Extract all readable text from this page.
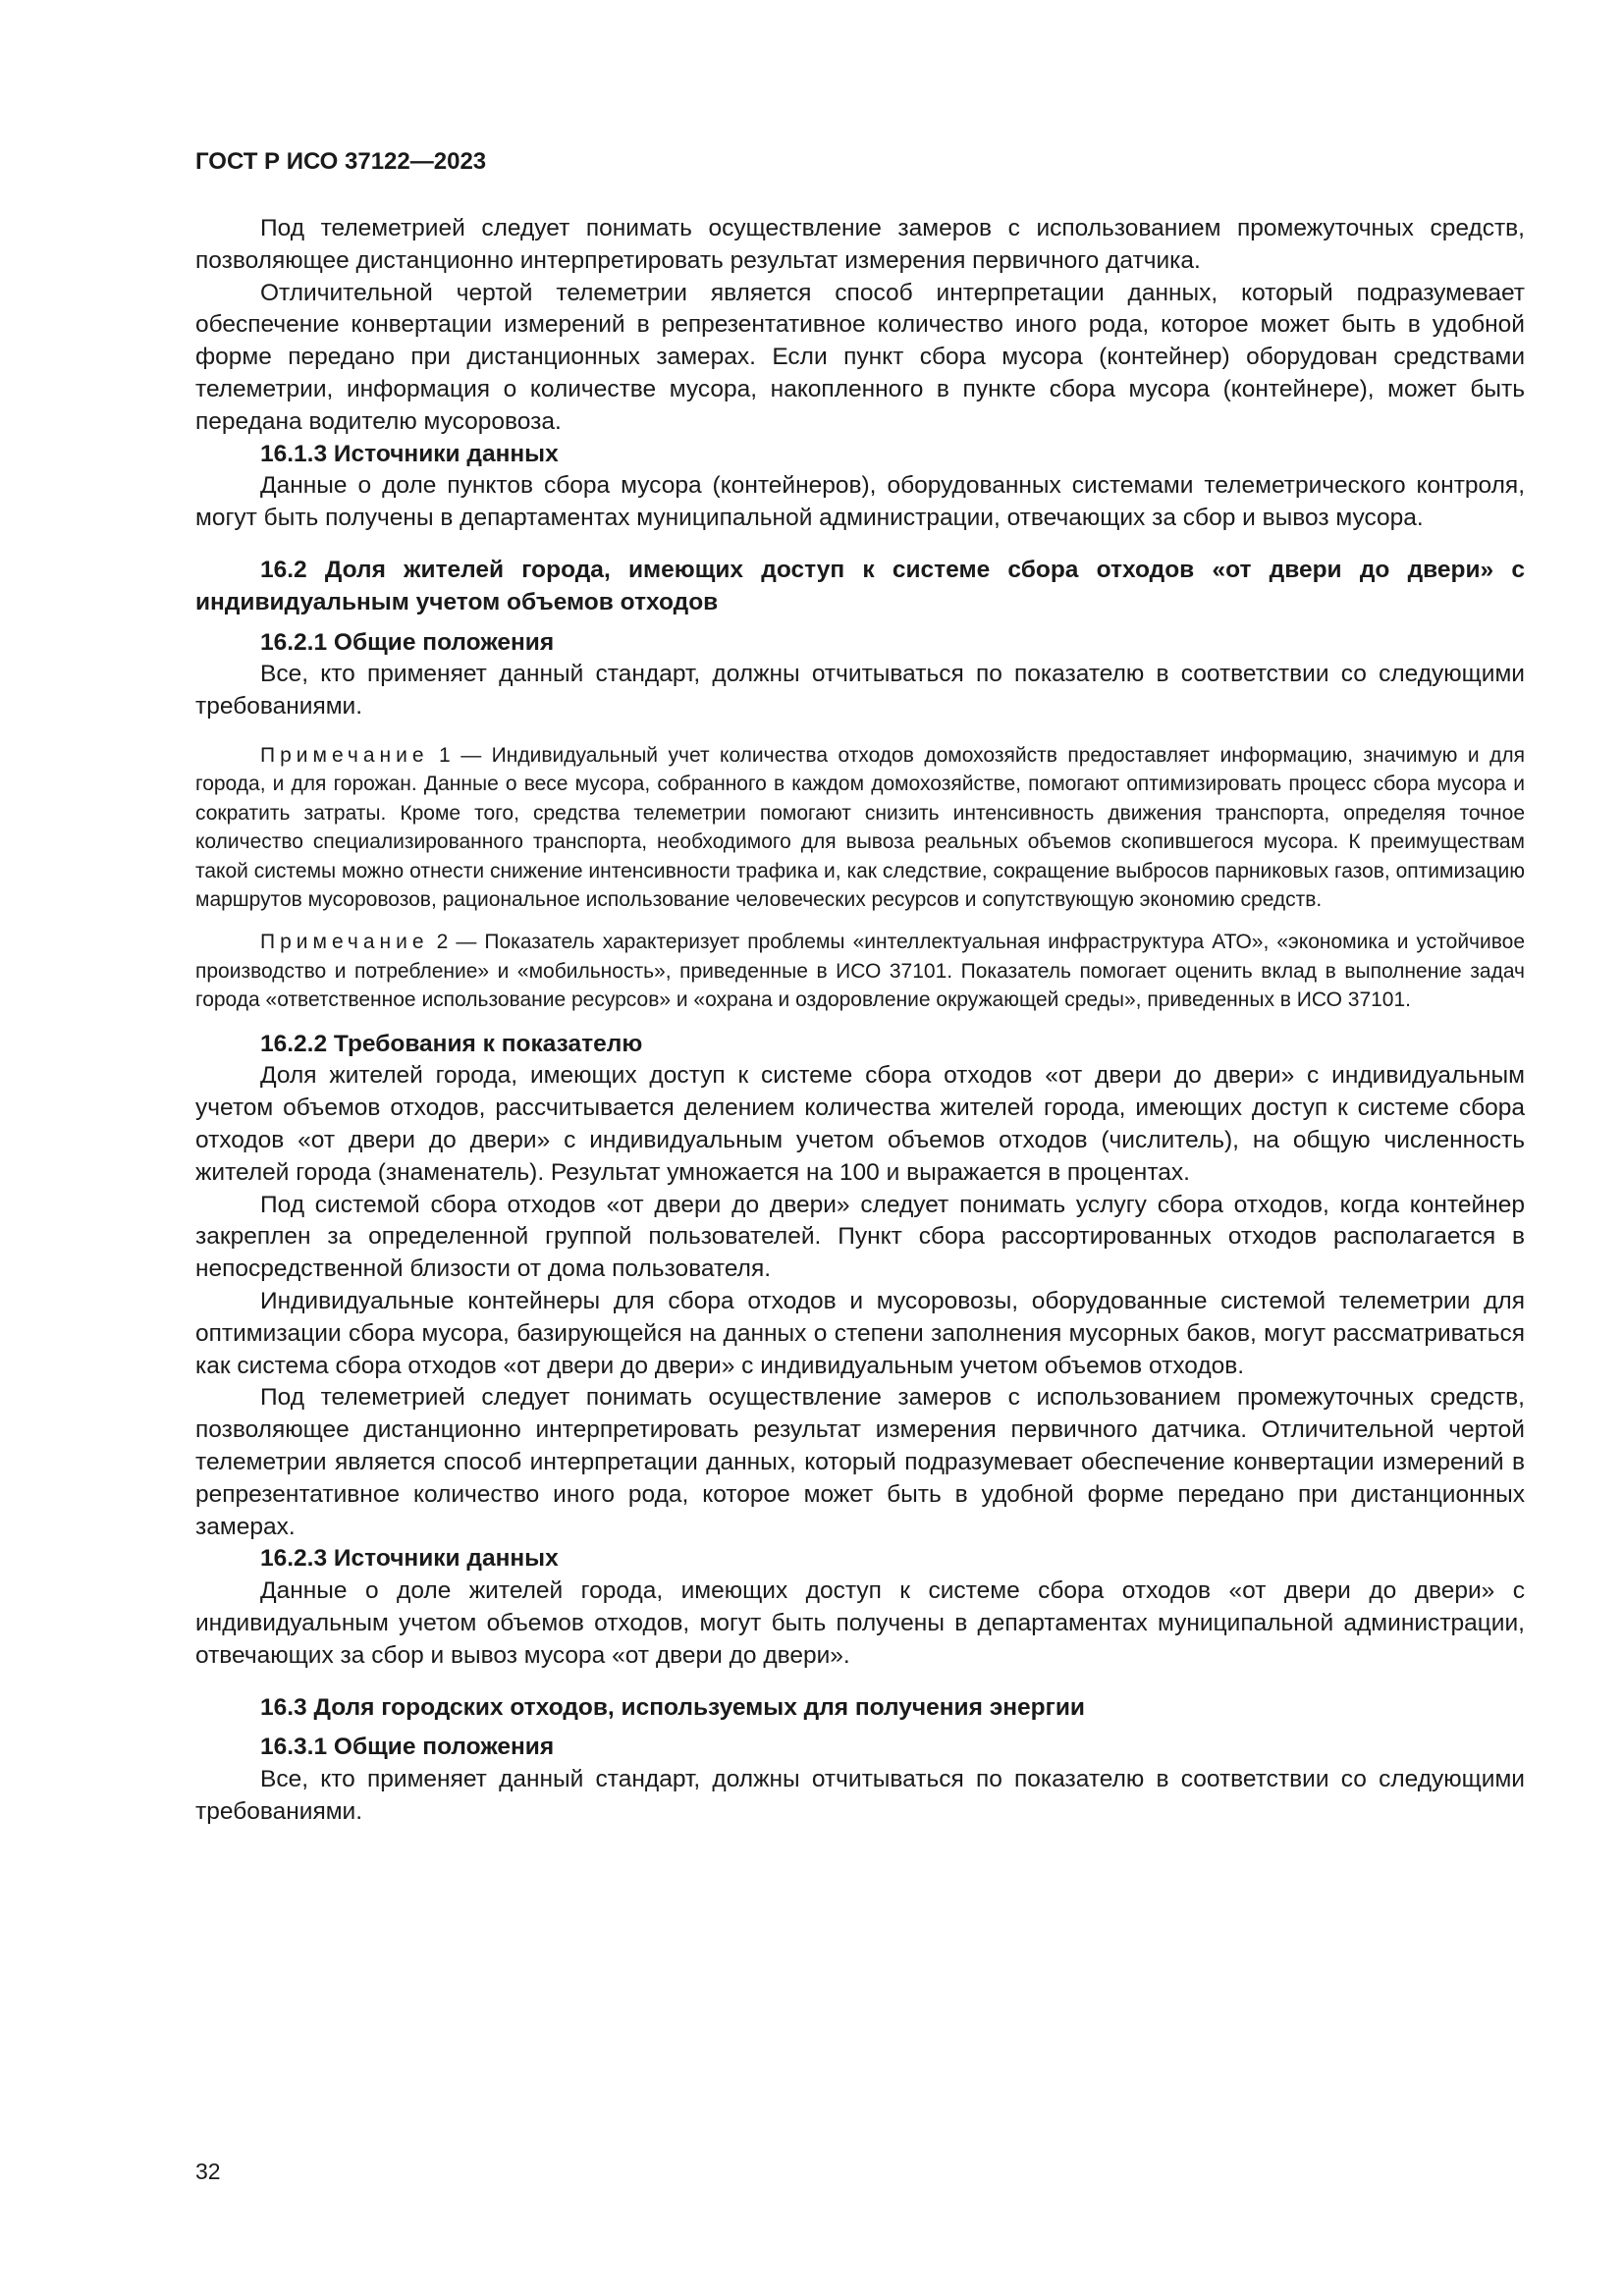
ГОСТ Р ИСО 37122—2023

Под телеметрией следует понимать осуществление замеров с использованием промежуточных средств, позволяющее дистанционно интерпретировать результат измерения первичного датчика.

Отличительной чертой телеметрии является способ интерпретации данных, который подразумевает обеспечение конвертации измерений в репрезентативное количество иного рода, которое может быть в удобной форме передано при дистанционных замерах. Если пункт сбора мусора (контейнер) оборудован средствами телеметрии, информация о количестве мусора, накопленного в пункте сбора мусора (контейнере), может быть передана водителю мусоровоза.

16.1.3 Источники данных

Данные о доле пунктов сбора мусора (контейнеров), оборудованных системами телеметрического контроля, могут быть получены в департаментах муниципальной администрации, отвечающих за сбор и вывоз мусора.

16.2 Доля жителей города, имеющих доступ к системе сбора отходов «от двери до двери» с индивидуальным учетом объемов отходов
16.2.1 Общие положения

Все, кто применяет данный стандарт, должны отчитываться по показателю в соответствии со следующими требованиями.

Примечание 1 — Индивидуальный учет количества отходов домохозяйств предоставляет информацию, значимую и для города, и для горожан. Данные о весе мусора, собранного в каждом домохозяйстве, помогают оптимизировать процесс сбора мусора и сократить затраты. Кроме того, средства телеметрии помогают снизить интенсивность движения транспорта, определяя точное количество специализированного транспорта, необходимого для вывоза реальных объемов скопившегося мусора. К преимуществам такой системы можно отнести снижение интенсивности трафика и, как следствие, сокращение выбросов парниковых газов, оптимизацию маршрутов мусоровозов, рациональное использование человеческих ресурсов и сопутствующую экономию средств.
Примечание 2 — Показатель характеризует проблемы «интеллектуальная инфраструктура АТО», «экономика и устойчивое производство и потребление» и «мобильность», приведенные в ИСО 37101. Показатель помогает оценить вклад в выполнение задач города «ответственное использование ресурсов» и «охрана и оздоровление окружающей среды», приведенных в ИСО 37101.
16.2.2 Требования к показателю

Доля жителей города, имеющих доступ к системе сбора отходов «от двери до двери» с индивидуальным учетом объемов отходов, рассчитывается делением количества жителей города, имеющих доступ к системе сбора отходов «от двери до двери» с индивидуальным учетом объемов отходов (числитель), на общую численность жителей города (знаменатель). Результат умножается на 100 и выражается в процентах.

Под системой сбора отходов «от двери до двери» следует понимать услугу сбора отходов, когда контейнер закреплен за определенной группой пользователей. Пункт сбора рассортированных отходов располагается в непосредственной близости от дома пользователя.

Индивидуальные контейнеры для сбора отходов и мусоровозы, оборудованные системой телеметрии для оптимизации сбора мусора, базирующейся на данных о степени заполнения мусорных баков, могут рассматриваться как система сбора отходов «от двери до двери» с индивидуальным учетом объемов отходов.

Под телеметрией следует понимать осуществление замеров с использованием промежуточных средств, позволяющее дистанционно интерпретировать результат измерения первичного датчика. Отличительной чертой телеметрии является способ интерпретации данных, который подразумевает обеспечение конвертации измерений в репрезентативное количество иного рода, которое может быть в удобной форме передано при дистанционных замерах.

16.2.3 Источники данных

Данные о доле жителей города, имеющих доступ к системе сбора отходов «от двери до двери» с индивидуальным учетом объемов отходов, могут быть получены в департаментах муниципальной администрации, отвечающих за сбор и вывоз мусора «от двери до двери».

16.3 Доля городских отходов, используемых для получения энергии
16.3.1 Общие положения

Все, кто применяет данный стандарт, должны отчитываться по показателю в соответствии со следующими требованиями.

32
